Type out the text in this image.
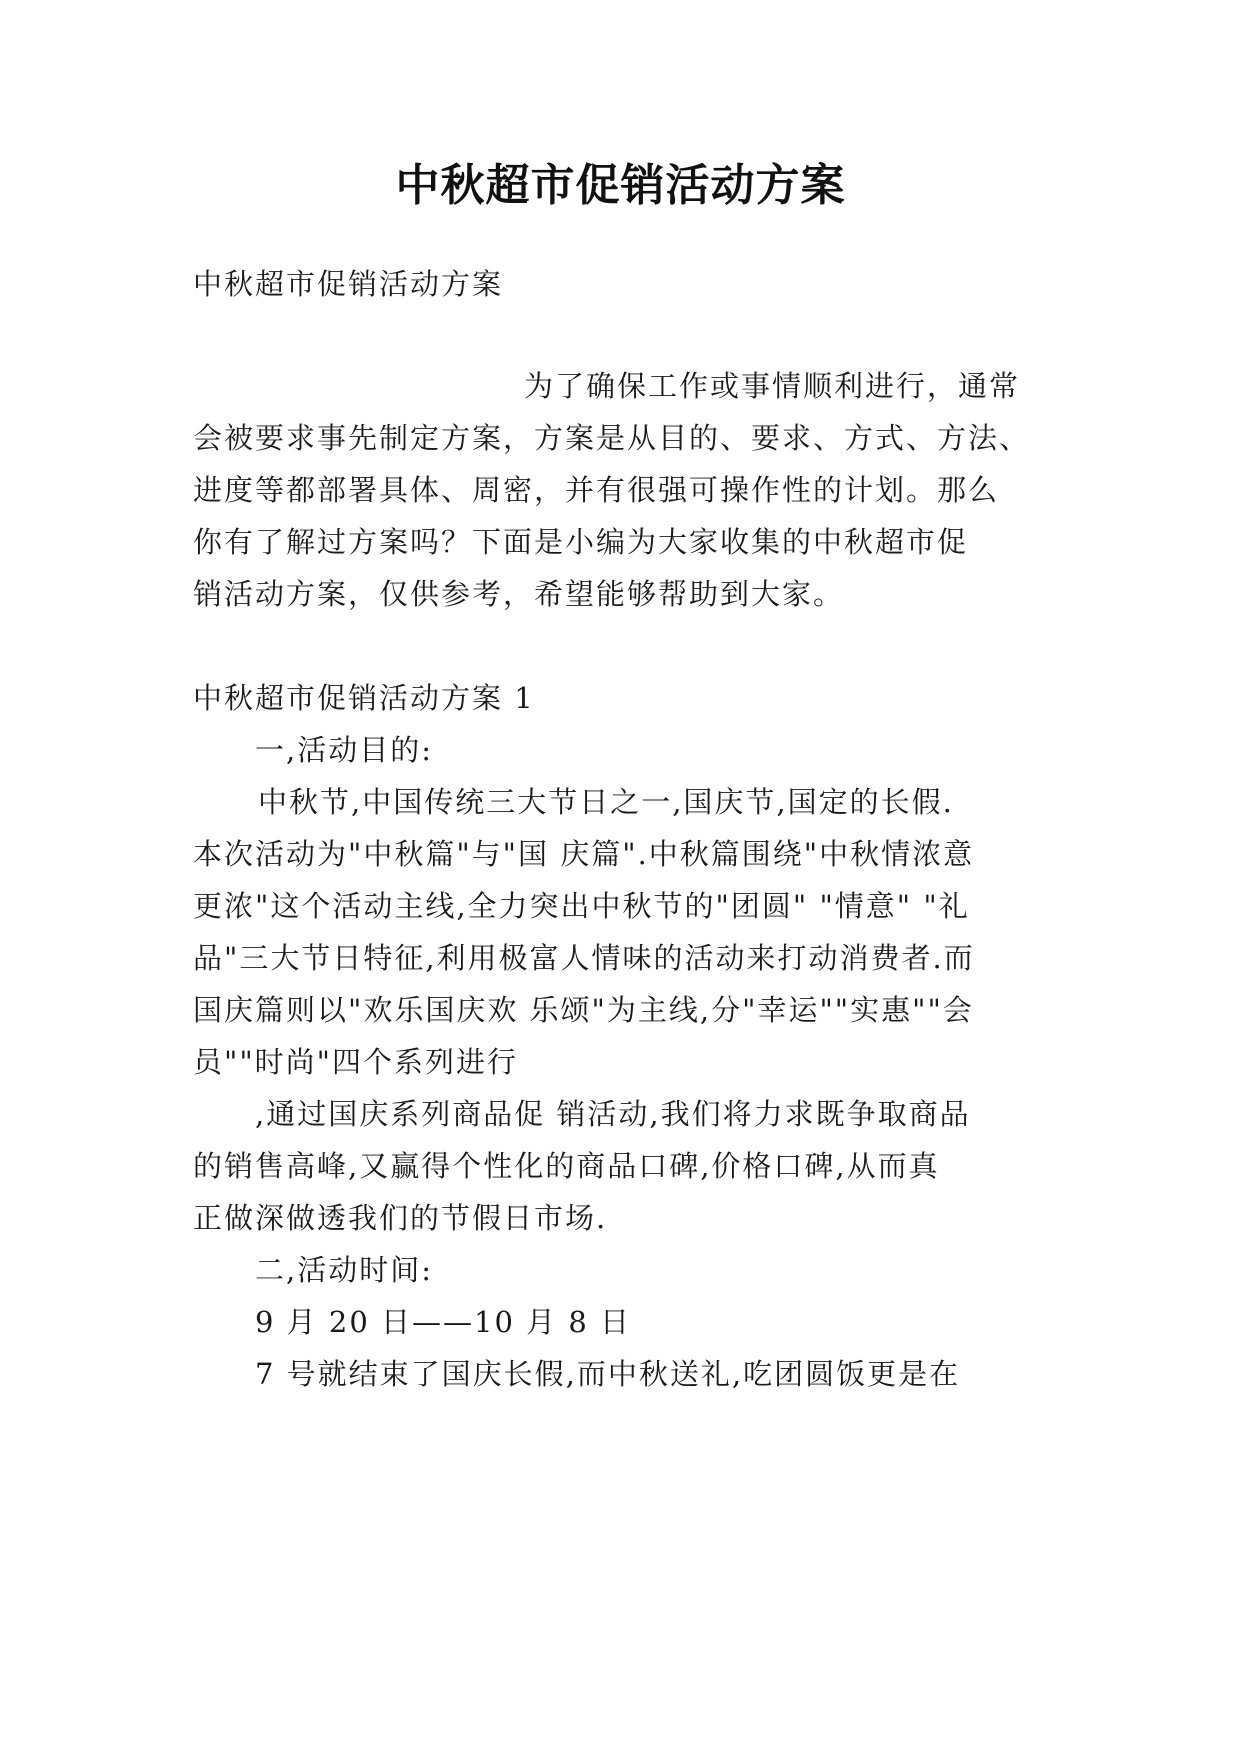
中秋超市促销活动方案
中秋超市促销活动方案
为了确保工作或事情顺利进行，通常
会被要求事先制定方案，方案是从目的、要求、方式、方法、
进度等都部署具体、周密，并有很强可操作性的计划。那么
你有了解过方案吗？下面是小编为大家收集的中秋超市促
销活动方案，仅供参考，希望能够帮助到大家。
中秋超市促销活动方案 1
一,活动目的:
中秋节,中国传统三大节日之一,国庆节,国定的长假.
本次活动为"中秋篇"与"国 庆篇".中秋篇围绕"中秋情浓意
更浓"这个活动主线,全力突出中秋节的"团圆" "情意" "礼
品"三大节日特征,利用极富人情味的活动来打动消费者.而
国庆篇则以"欢乐国庆欢 乐颂"为主线,分"幸运""实惠""会
员""时尚"四个系列进行
,通过国庆系列商品促 销活动,我们将力求既争取商品
的销售高峰,又赢得个性化的商品口碑,价格口碑,从而真
正做深做透我们的节假日市场.
二,活动时间:
9 月 20 日——10 月 8 日
7 号就结束了国庆长假,而中秋送礼,吃团圆饭更是在
